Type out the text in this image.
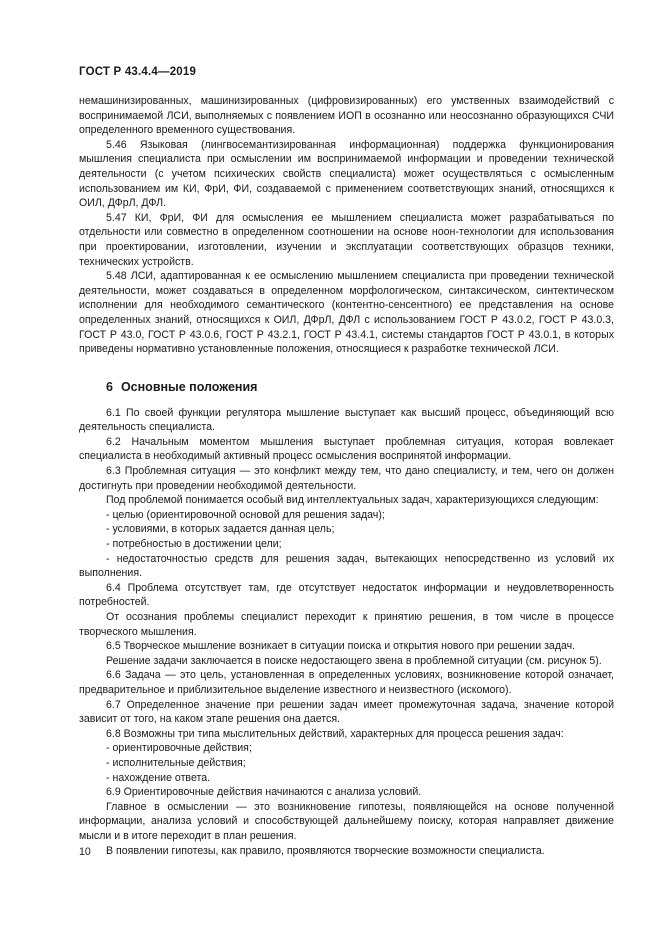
ГОСТ Р 43.4.4—2019

немашинизированных, машинизированных (цифровизированных) его умственных взаимодействий с воспринимаемой ЛСИ, выполняемых с появлением ИОП в осознанно или неосознанно образующихся СЧИ определенного временного существования.

5.46 Языковая (лингвосемантизированная информационная) поддержка функционирования мышления специалиста при осмыслении им воспринимаемой информации и проведении технической деятельности (с учетом психических свойств специалиста) может осуществляться с осмысленным использованием им КИ, ФрИ, ФИ, создаваемой с применением соответствующих знаний, относящихся к ОИЛ, ДФрЛ, ДФЛ.

5.47 КИ, ФрИ, ФИ для осмысления ее мышлением специалиста может разрабатываться по отдельности или совместно в определенном соотношении на основе ноон-технологии для использования при проектировании, изготовлении, изучении и эксплуатации соответствующих образцов техники, технических устройств.

5.48 ЛСИ, адаптированная к ее осмыслению мышлением специалиста при проведении технической деятельности, может создаваться в определенном морфологическом, синтаксическом, синтектическом исполнении для необходимого семантического (контентно-сенсентного) ее представления на основе определенных знаний, относящихся к ОИЛ, ДФрЛ, ДФЛ с использованием ГОСТ Р 43.0.2, ГОСТ Р 43.0.3, ГОСТ Р 43.0, ГОСТ Р 43.0.6, ГОСТ Р 43.2.1, ГОСТ Р 43.4.1, системы стандартов ГОСТ Р 43.0.1, в которых приведены нормативно установленные положения, относящиеся к разработке технической ЛСИ.

6 Основные положения

6.1 По своей функции регулятора мышление выступает как высший процесс, объединяющий всю деятельность специалиста.

6.2 Начальным моментом мышления выступает проблемная ситуация, которая вовлекает специалиста в необходимый активный процесс осмысления воспринятой информации.

6.3 Проблемная ситуация — это конфликт между тем, что дано специалисту, и тем, чего он должен достигнуть при проведении необходимой деятельности.

Под проблемой понимается особый вид интеллектуальных задач, характеризующихся следующим:

- целью (ориентировочной основой для решения задач);

- условиями, в которых задается данная цель;

- потребностью в достижении цели;

- недостаточностью средств для решения задач, вытекающих непосредственно из условий их выполнения.

6.4 Проблема отсутствует там, где отсутствует недостаток информации и неудовлетворенность потребностей.

От осознания проблемы специалист переходит к принятию решения, в том числе в процессе творческого мышления.

6.5 Творческое мышление возникает в ситуации поиска и открытия нового при решении задач.

Решение задачи заключается в поиске недостающего звена в проблемной ситуации (см. рисунок 5).

6.6 Задача — это цель, установленная в определенных условиях, возникновение которой означает, предварительное и приблизительное выделение известного и неизвестного (искомого).

6.7 Определенное значение при решении задач имеет промежуточная задача, значение которой зависит от того, на каком этапе решения она дается.

6.8 Возможны три типа мыслительных действий, характерных для процесса решения задач:

- ориентировочные действия;

- исполнительные действия;

- нахождение ответа.

6.9 Ориентировочные действия начинаются с анализа условий.

Главное в осмыслении — это возникновение гипотезы, появляющейся на основе полученной информации, анализа условий и способствующей дальнейшему поиску, которая направляет движение мысли и в итоге переходит в план решения.

В появлении гипотезы, как правило, проявляются творческие возможности специалиста.

10
